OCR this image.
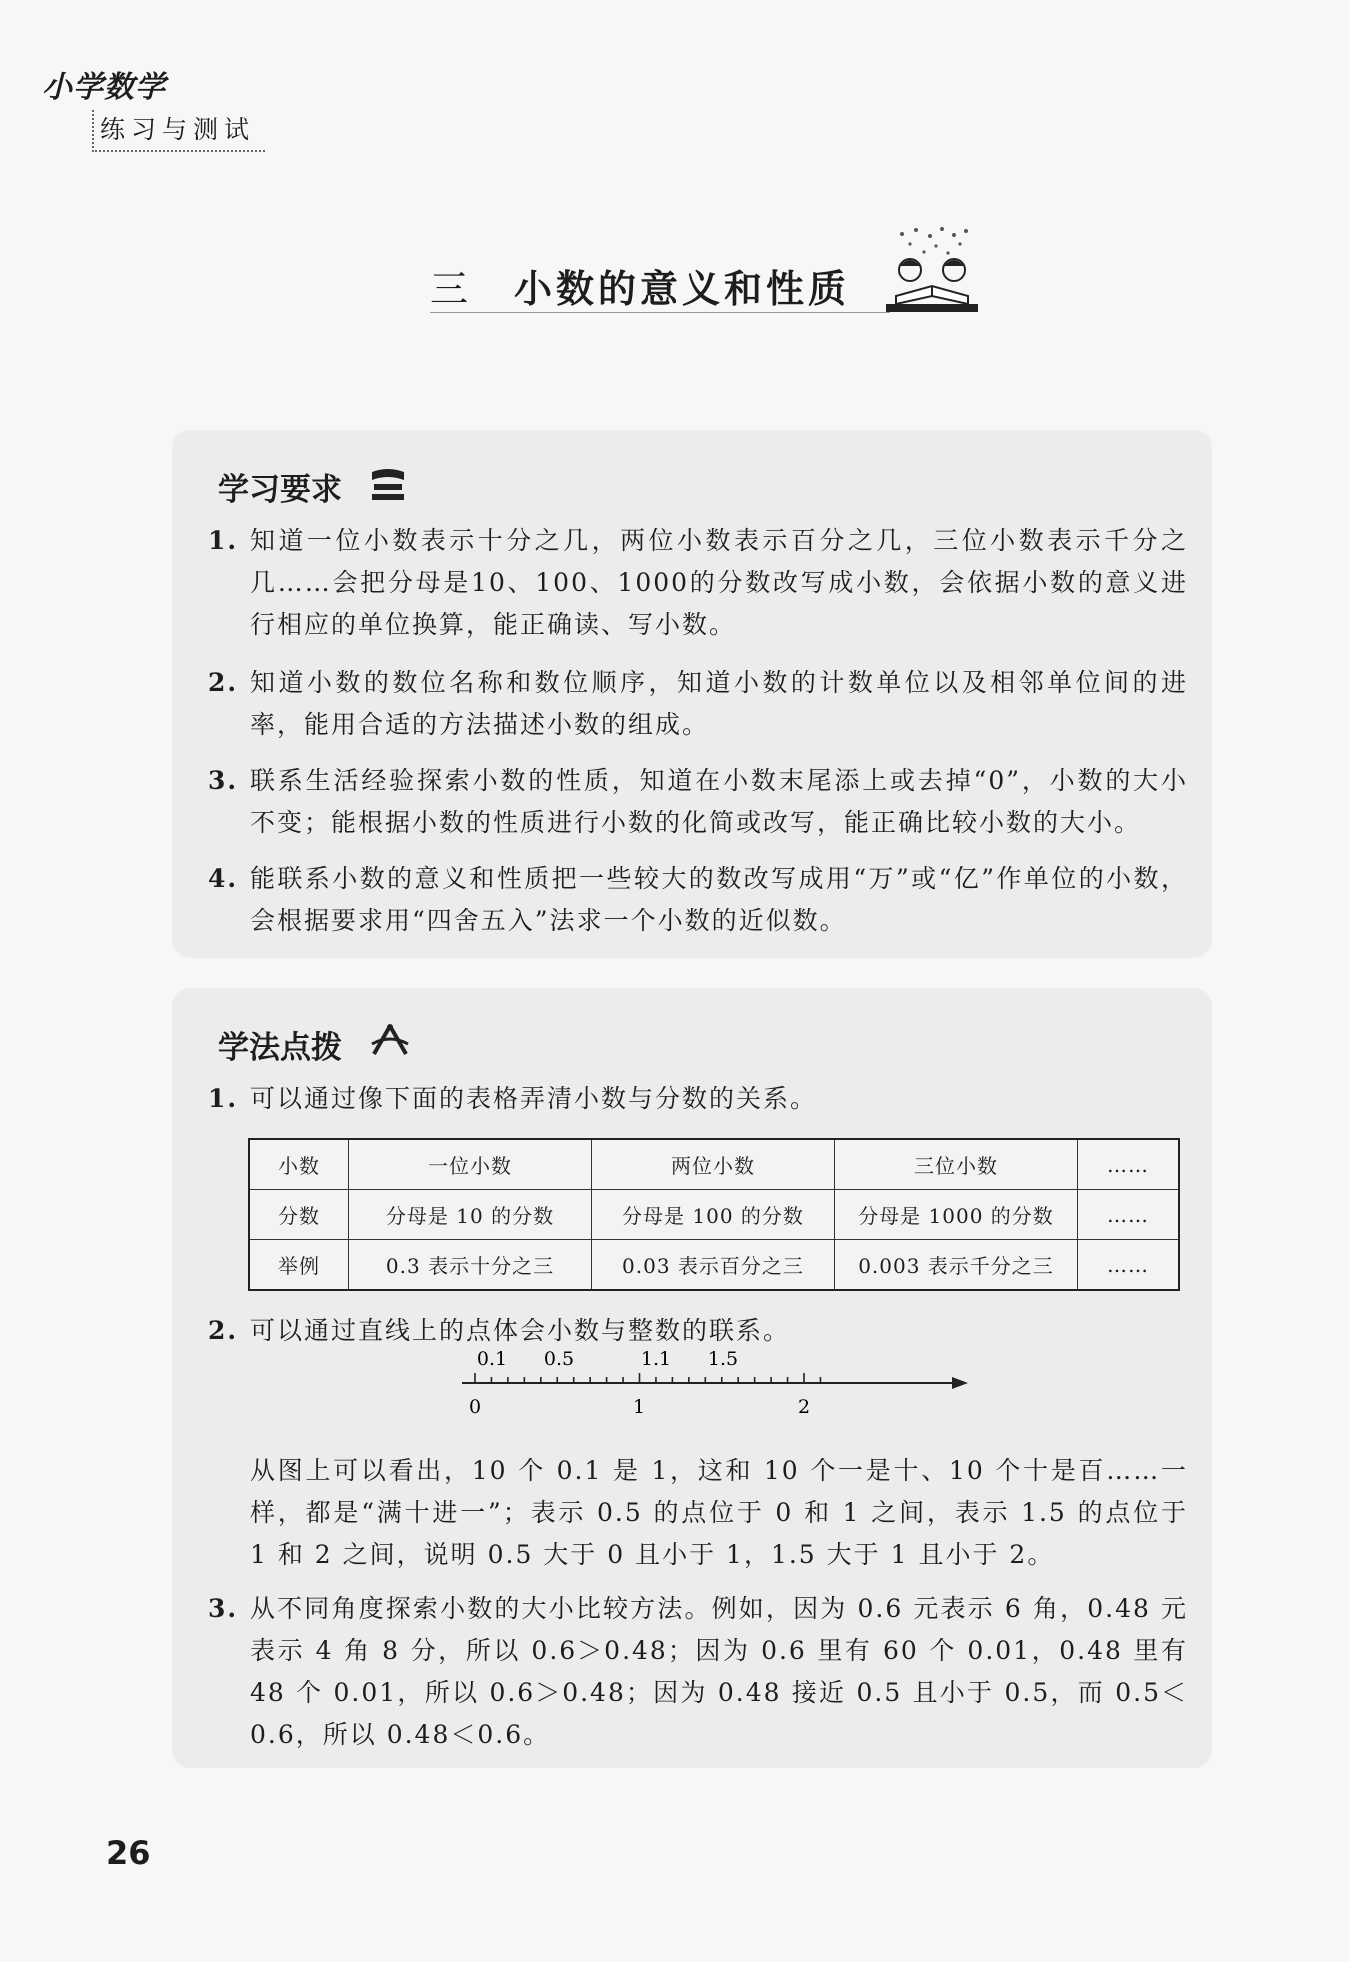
小学数学
练习与测试
三 小数的意义和性质
学习要求
1. 知道一位小数表示十分之几，两位小数表示百分之几，三位小数表示千分之几……会把分母是10、100、1000的分数改写成小数，会依据小数的意义进行相应的单位换算，能正确读、写小数。
2. 知道小数的数位名称和数位顺序，知道小数的计数单位以及相邻单位间的进率，能用合适的方法描述小数的组成。
3. 联系生活经验探索小数的性质，知道在小数末尾添上或去掉“0”，小数的大小不变；能根据小数的性质进行小数的化简或改写，能正确比较小数的大小。
4. 能联系小数的意义和性质把一些较大的数改写成用“万”或“亿”作单位的小数，会根据要求用“四舍五入”法求一个小数的近似数。
学法点拨
1. 可以通过像下面的表格弄清小数与分数的关系。
小数	一位小数	两位小数	三位小数	……
分数	分母是 10 的分数	分母是 100 的分数	分母是 1000 的分数	……
举例	0.3 表示十分之三	0.03 表示百分之三	0.003 表示千分之三	……
2. 可以通过直线上的点体会小数与整数的联系。
0.1 0.5	1.1 1.5
0	1	2
从图上可以看出，10 个 0.1 是 1，这和 10 个一是十、10 个十是百……一样，都是“满十进一”；表示 0.5 的点位于 0 和 1 之间，表示 1.5 的点位于 1 和 2 之间，说明 0.5 大于 0 且小于 1，1.5 大于 1 且小于 2。
3. 从不同角度探索小数的大小比较方法。例如，因为 0.6 元表示 6 角，0.48 元表示 4 角 8 分，所以 0.6＞0.48；因为 0.6 里有 60 个 0.01，0.48 里有 48 个 0.01，所以 0.6＞0.48；因为 0.48 接近 0.5 且小于 0.5，而 0.5＜0.6，所以 0.48＜0.6。
26
